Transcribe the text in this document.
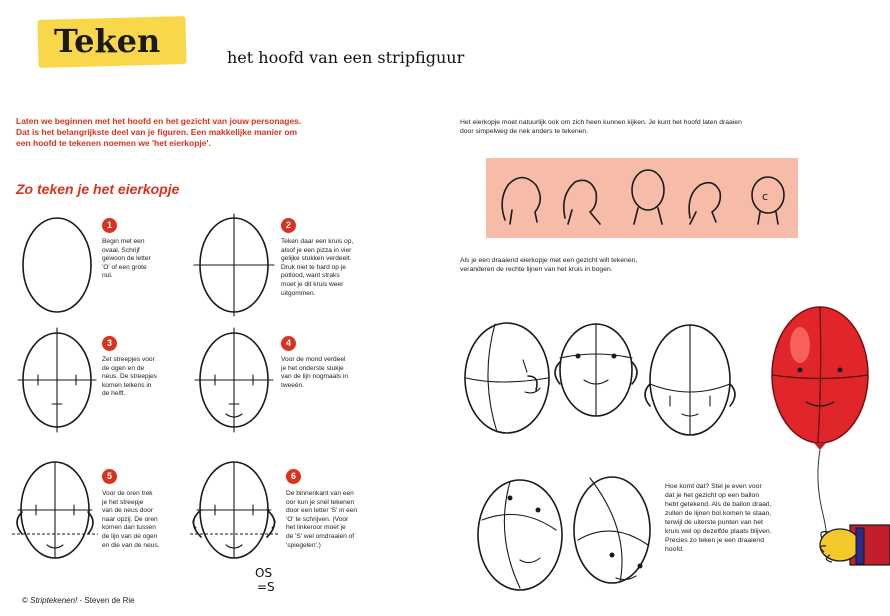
Teken	het hoofd van een stripfiguur
Laten we beginnen met het hoofd en het gezicht van jouw personages.
Dat is het belangrijkste deel van je figuren. Een makkelijke manier om
een hoofd te tekenen noemen we 'het eierkopje'.
Zo teken je het eierkopje
1	2
3	4
5	6
Begin met een
ovaal. Schrijf
gewoon de letter
'O' of een grote
nul.
Teken daar een kruis op,
alsof je een pizza in vier
gelijke stukken verdeelt.
Druk niet te hard op je
potlood, want straks
moet je dit kruis weer
uitgommen.
Zet streepjes voor
de ogen en de
neus. De streepjes
komen telkens in
de helft.
Voor de mond verdeel
je het onderste stukje
van de lijn nogmaals in
tweeën.
Voor de oren trek
je het streepje
van de neus door
naar opzij. De oren
komen dan tussen
de lijn van de ogen
en die van de neus.
De binnenkant van een
oor kun je snel tekenen
door een letter 'S' in een
'O' te schrijven. (Voor
het linkeroor moet je
de 'S' wel omdraaien of
'spiegelen'.)
Het eierkopje moet natuurlijk ook om zich heen kunnen kijken. Je kunt het hoofd laten draaien
door simpelweg de nek anders te tekenen.
Als je een draaiend eierkopje met een gezicht wilt tekenen,
veranderen de rechte lijnen van het kruis in bogen.
Hoe komt dat? Stel je even voor
dat je het gezicht op een ballon
hebt getekend. Als de ballon draait,
zullen de lijnen bol komen te staan,
terwijl de uiterste punten van het
kruis wel op dezelfde plaats blijven.
Precies zo teken je een draaiend
hoofd.
OS
=S
© Striptekenen! - Steven de Rie
c
